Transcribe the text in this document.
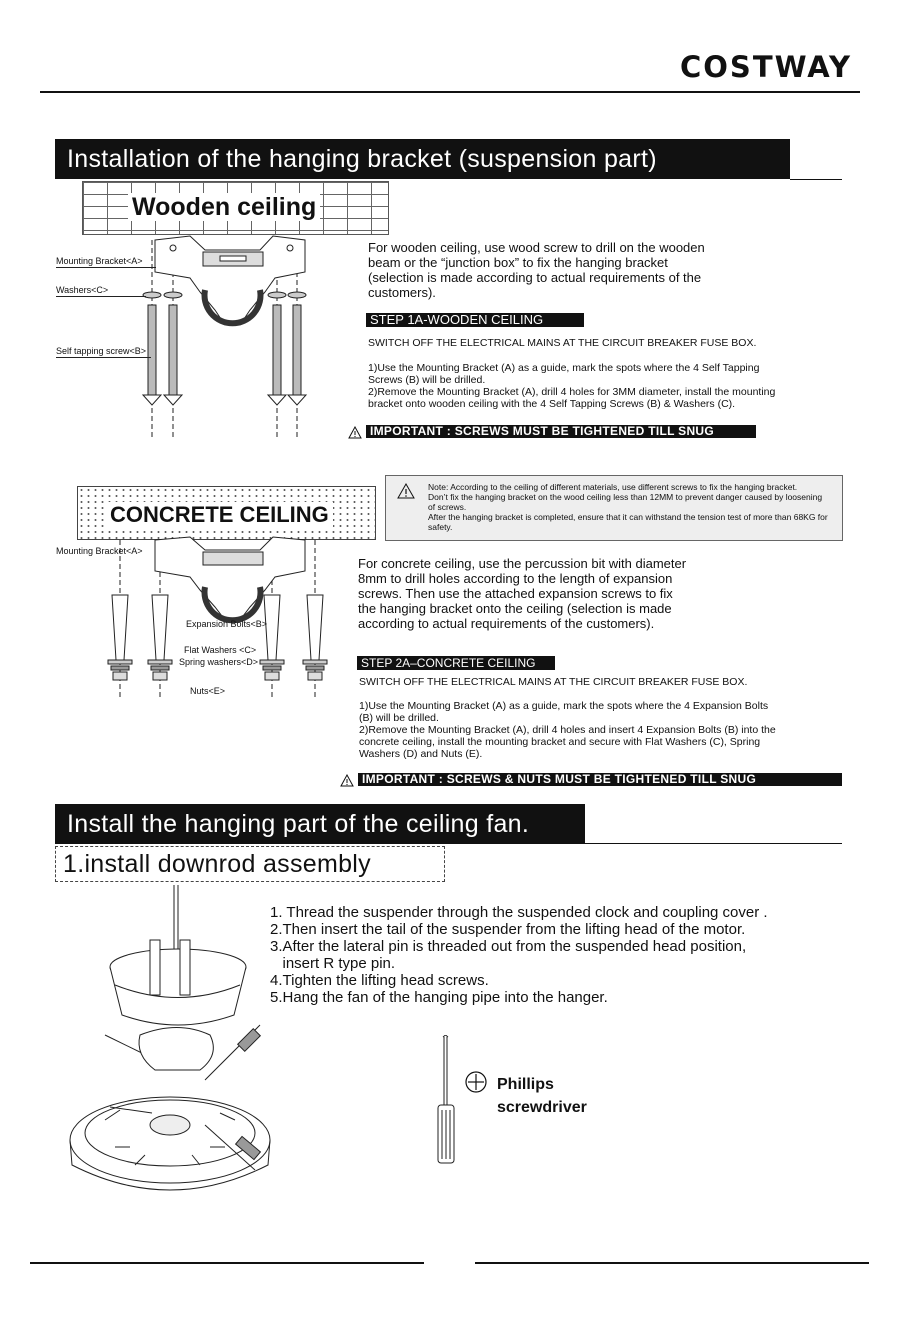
COSTWAY
Installation of the hanging bracket (suspension part)
Wooden ceiling
Mounting Bracket<A>
Washers<C>
Self tapping screw<B>
For wooden ceiling, use wood screw to drill on the wooden beam or the “junction box” to fix the hanging bracket (selection is made according to actual requirements of the customers).
STEP 1A-WOODEN CEILING
SWITCH OFF THE ELECTRICAL MAINS AT THE CIRCUIT BREAKER FUSE BOX.
1)Use the Mounting Bracket (A) as a guide, mark the spots where the 4 Self Tapping Screws (B) will be drilled.
2)Remove the Mounting Bracket (A), drill 4 holes for 3MM diameter, install the mounting bracket onto wooden ceiling with the 4 Self Tapping Screws (B) & Washers (C).
IMPORTANT : SCREWS MUST BE TIGHTENED TILL SNUG
Note: According to the ceiling of different materials, use different screws to fix the hanging bracket.
Don’t fix the hanging bracket on the wood ceiling less than 12MM to prevent danger caused by loosening of screws.
After the hanging bracket is completed, ensure that it can withstand the tension test of more than 68KG for safety.
CONCRETE CEILING
Mounting Bracket<A>
Expansion Bolts<B>
Flat Washers <C>
Spring washers<D>
Nuts<E>
For concrete ceiling, use the percussion bit with diameter 8mm to drill holes according to the length of expansion screws. Then use the attached expansion screws to fix the hanging bracket onto the ceiling (selection is made according to actual requirements of the customers).
STEP 2A–CONCRETE CEILING
SWITCH OFF THE ELECTRICAL MAINS AT THE CIRCUIT BREAKER FUSE BOX.
1)Use the Mounting Bracket (A) as a guide, mark the spots where the 4 Expansion Bolts (B) will be drilled.
2)Remove the Mounting Bracket (A), drill 4 holes and insert 4 Expansion Bolts (B) into the concrete ceiling, install the mounting bracket and secure with Flat Washers (C), Spring Washers (D) and Nuts (E).
IMPORTANT : SCREWS & NUTS MUST BE TIGHTENED TILL SNUG
Install the hanging part of the ceiling fan.
1.install downrod assembly
1. Thread the suspender through the suspended clock and coupling cover .
2.Then insert the tail of the suspender from the lifting head of the motor.
3.After the lateral pin is threaded out from the suspended head position,
insert R type pin.
4.Tighten the lifting head screws.
5.Hang the fan of the hanging pipe into the hanger.
Phillips
screwdriver
